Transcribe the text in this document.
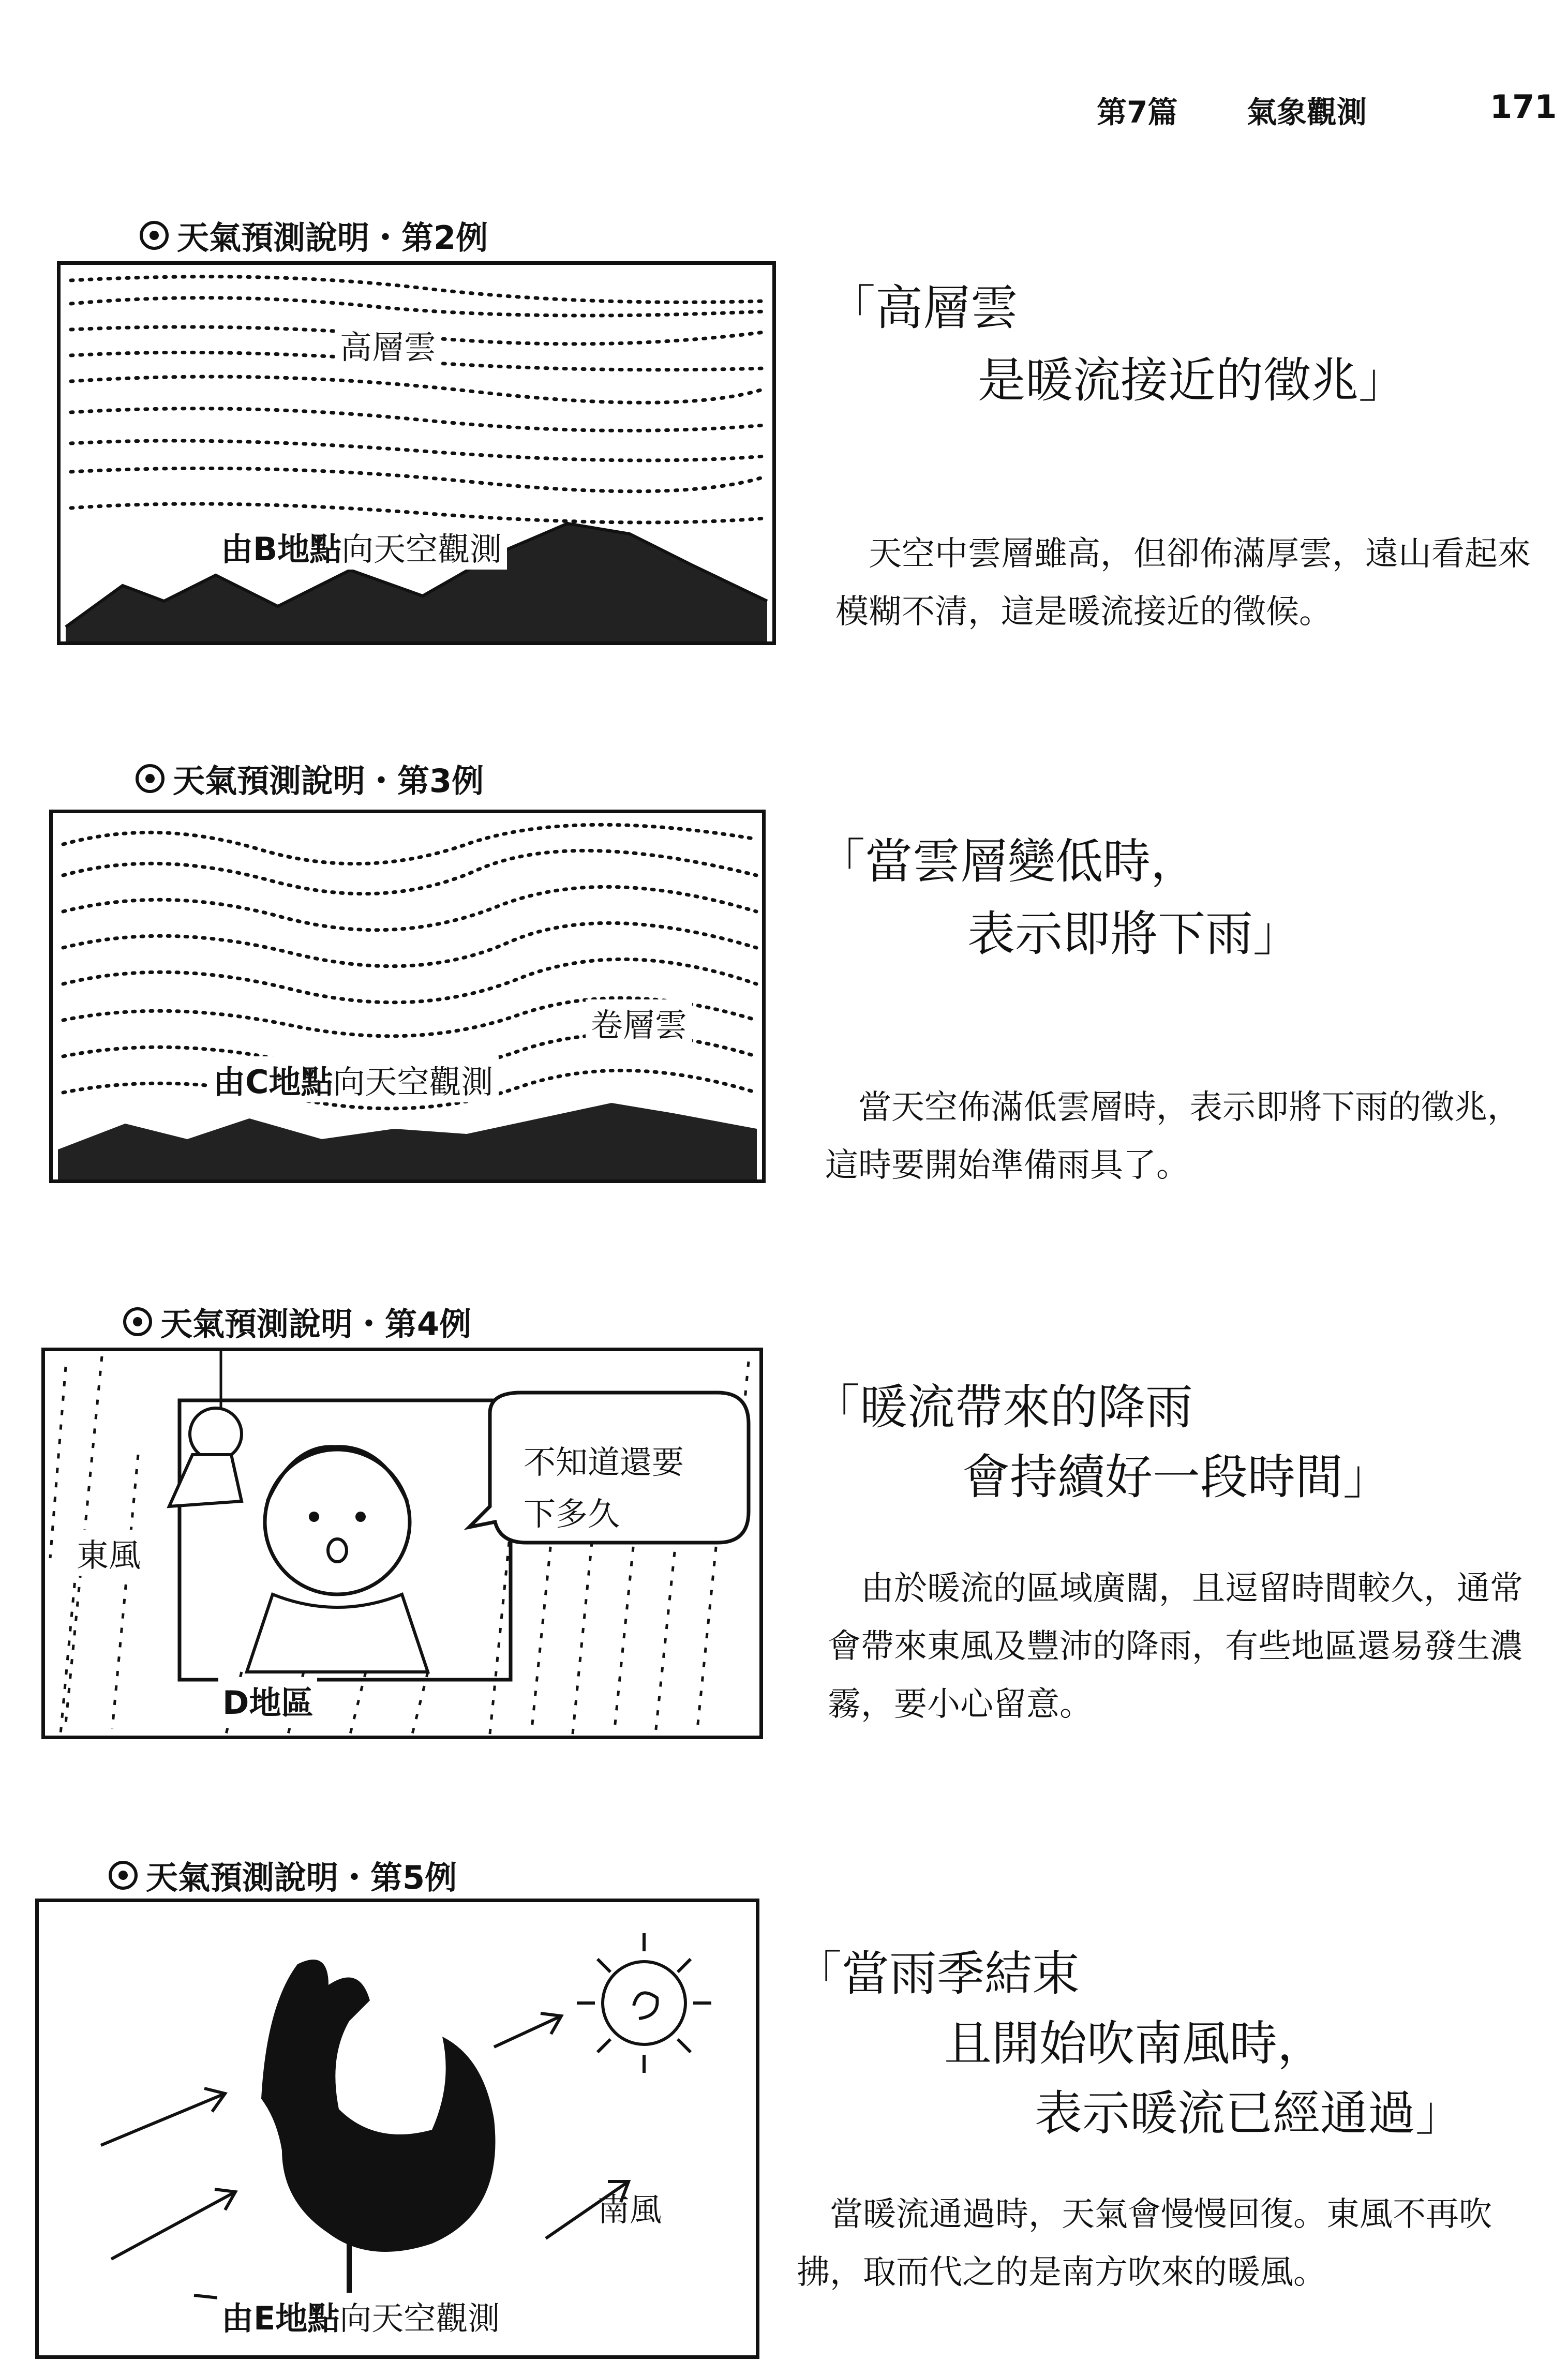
第7篇 氣象觀測	171
天氣預測說明・第2例
高層雲
由B地點向天空觀測
「高層雲
是暖流接近的徵兆」

天空中雲層雖高，但卻佈滿厚雲，遠山看起來模糊不清，這是暖流接近的徵候。

天氣預測說明・第3例
卷層雲
由C地點向天空觀測
「當雲層變低時，
表示即將下雨」

當天空佈滿低雲層時，表示即將下雨的徵兆，這時要開始準備雨具了。

天氣預測說明・第4例
不知道還要
下多久
東風
D地區
「暖流帶來的降雨
會持續好一段時間」

由於暖流的區域廣闊，且逗留時間較久，通常會帶來東風及豐沛的降雨，有些地區還易發生濃霧，要小心留意。

天氣預測說明・第5例
南風
由E地點向天空觀測
「當雨季結束
且開始吹南風時，
表示暖流已經通過」

當暖流通過時，天氣會慢慢回復。東風不再吹拂，取而代之的是南方吹來的暖風。
